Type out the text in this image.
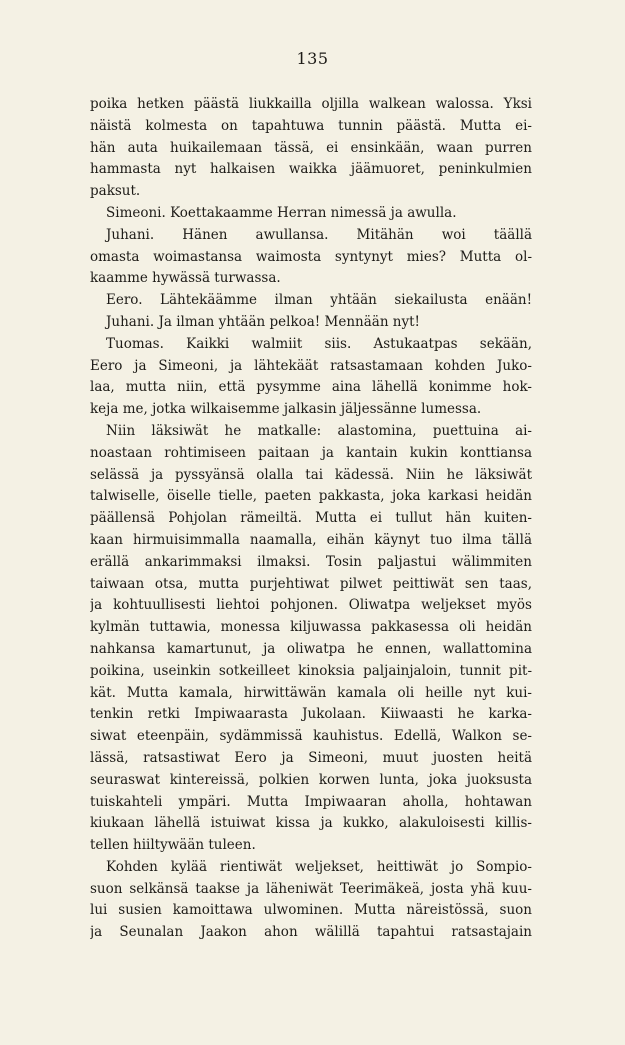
135
poika hetken päästä liukkailla oljilla walkean walossa. Yksi
näistä kolmesta on tapahtuwa tunnin päästä. Mutta ei-
hän auta huikailemaan tässä, ei ensinkään, waan purren
hammasta nyt halkaisen waikka jäämuoret, peninkulmien
paksut.
Simeoni. Koettakaamme Herran nimessä ja awulla.
Juhani. Hänen awullansa. Mitähän woi täällä
omasta woimastansa waimosta syntynyt mies? Mutta ol-
kaamme hywässä turwassa.
Eero. Lähtekäämme ilman yhtään siekailusta enään!
Juhani. Ja ilman yhtään pelkoa! Mennään nyt!
Tuomas. Kaikki walmiit siis. Astukaatpas sekään,
Eero ja Simeoni, ja lähtekäät ratsastamaan kohden Juko-
laa, mutta niin, että pysymme aina lähellä konimme hok-
keja me, jotka wilkaisemme jalkasin jäljessänne lumessa.
Niin läksiwät he matkalle: alastomina, puettuina ai-
noastaan rohtimiseen paitaan ja kantain kukin konttiansa
selässä ja pyssyänsä olalla tai kädessä. Niin he läksiwät
talwiselle, öiselle tielle, paeten pakkasta, joka karkasi heidän
päällensä Pohjolan rämeiltä. Mutta ei tullut hän kuiten-
kaan hirmuisimmalla naamalla, eihän käynyt tuo ilma tällä
erällä ankarimmaksi ilmaksi. Tosin paljastui wälimmiten
taiwaan otsa, mutta purjehtiwat pilwet peittiwät sen taas,
ja kohtuullisesti liehtoi pohjonen. Oliwatpa weljekset myös
kylmän tuttawia, monessa kiljuwassa pakkasessa oli heidän
nahkansa kamartunut, ja oliwatpa he ennen, wallattomina
poikina, useinkin sotkeilleet kinoksia paljainjaloin, tunnit pit-
kät. Mutta kamala, hirwittäwän kamala oli heille nyt kui-
tenkin retki Impiwaarasta Jukolaan. Kiiwaasti he karka-
siwat eteenpäin, sydämmissä kauhistus. Edellä, Walkon se-
lässä, ratsastiwat Eero ja Simeoni, muut juosten heitä
seuraswat kintereissä, polkien korwen lunta, joka juoksusta
tuiskahteli ympäri. Mutta Impiwaaran aholla, hohtawan
kiukaan lähellä istuiwat kissa ja kukko, alakuloisesti killis-
tellen hiiltywään tuleen.
Kohden kylää rientiwät weljekset, heittiwät jo Sompio-
suon selkänsä taakse ja läheniwät Teerimäkeä, josta yhä kuu-
lui susien kamoittawa ulwominen. Mutta näreistössä, suon
ja Seunalan Jaakon ahon wälillä tapahtui ratsastajain
